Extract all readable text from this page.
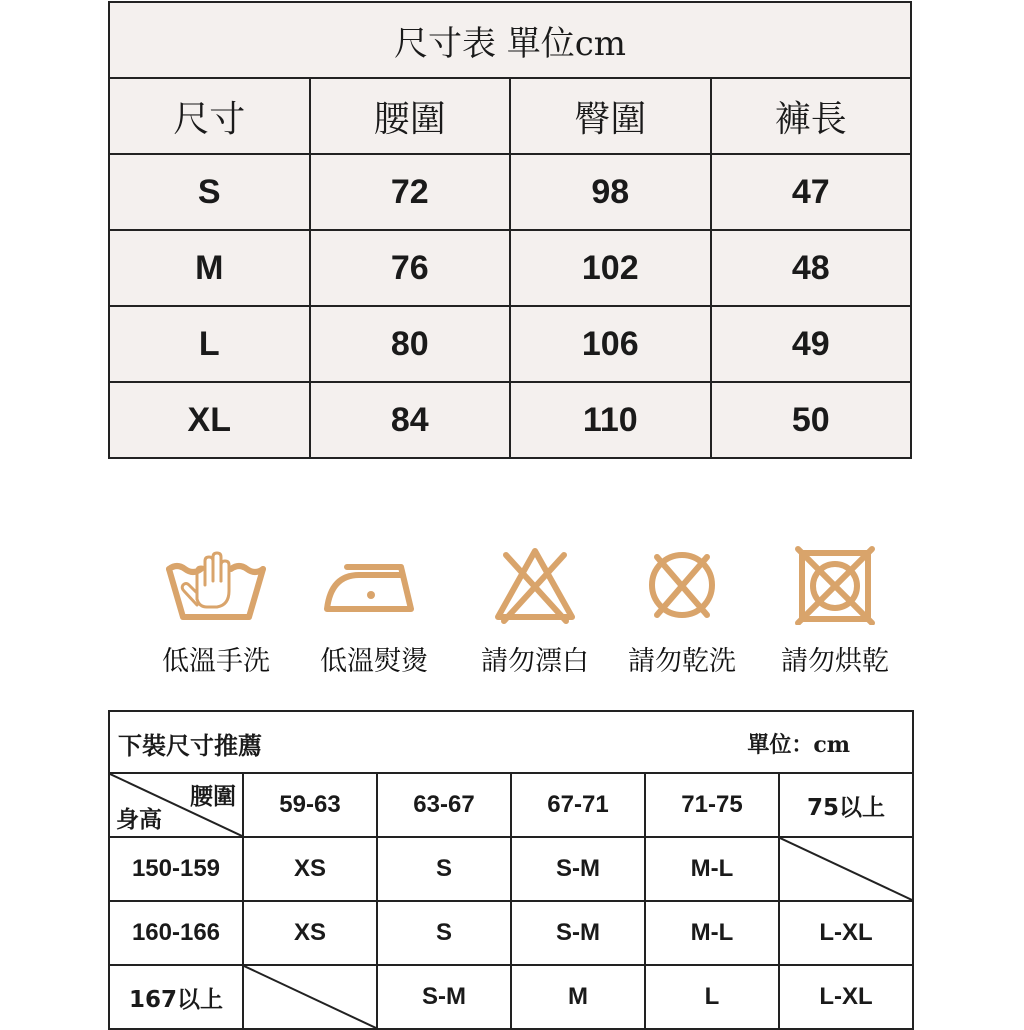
尺寸表 單位cm			
尺寸	腰圍	臀圍	褲長
S	72	98	47
M	76	102	48
L	80	106	49
XL	84	110	50
低溫手洗	低溫熨燙	請勿漂白	請勿乾洗	請勿烘乾
下裝尺寸推薦 單位：cm					

腰圍
身高	59-63	63-67	67-71	71-75	75以上
150-159	XS	S	S-M	M-L	

160-166	XS	S	S-M	M-L	L-XL
167以上		S-M	M	L	L-XL
